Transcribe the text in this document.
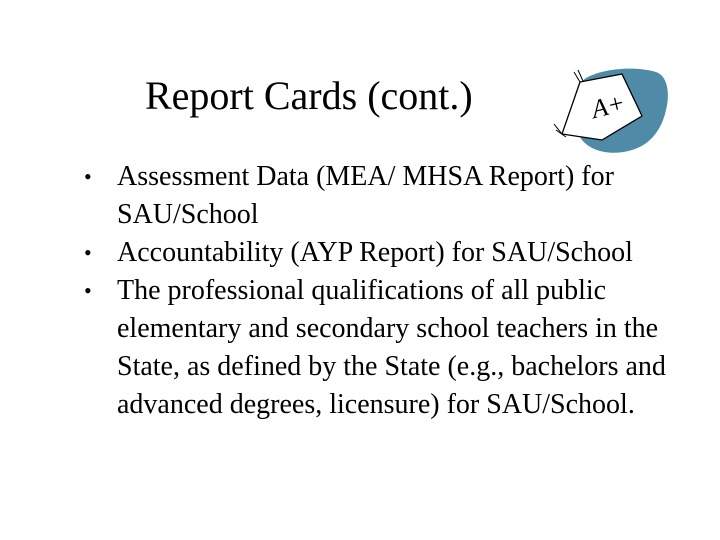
Report Cards (cont.)	A+
• Assessment Data (MEA/ MHSA Report) for SAU/School
• Accountability (AYP Report) for SAU/School
• The professional qualifications of all public elementary and secondary school teachers in the State, as defined by the State (e.g., bachelors and advanced degrees, licensure) for SAU/School.
